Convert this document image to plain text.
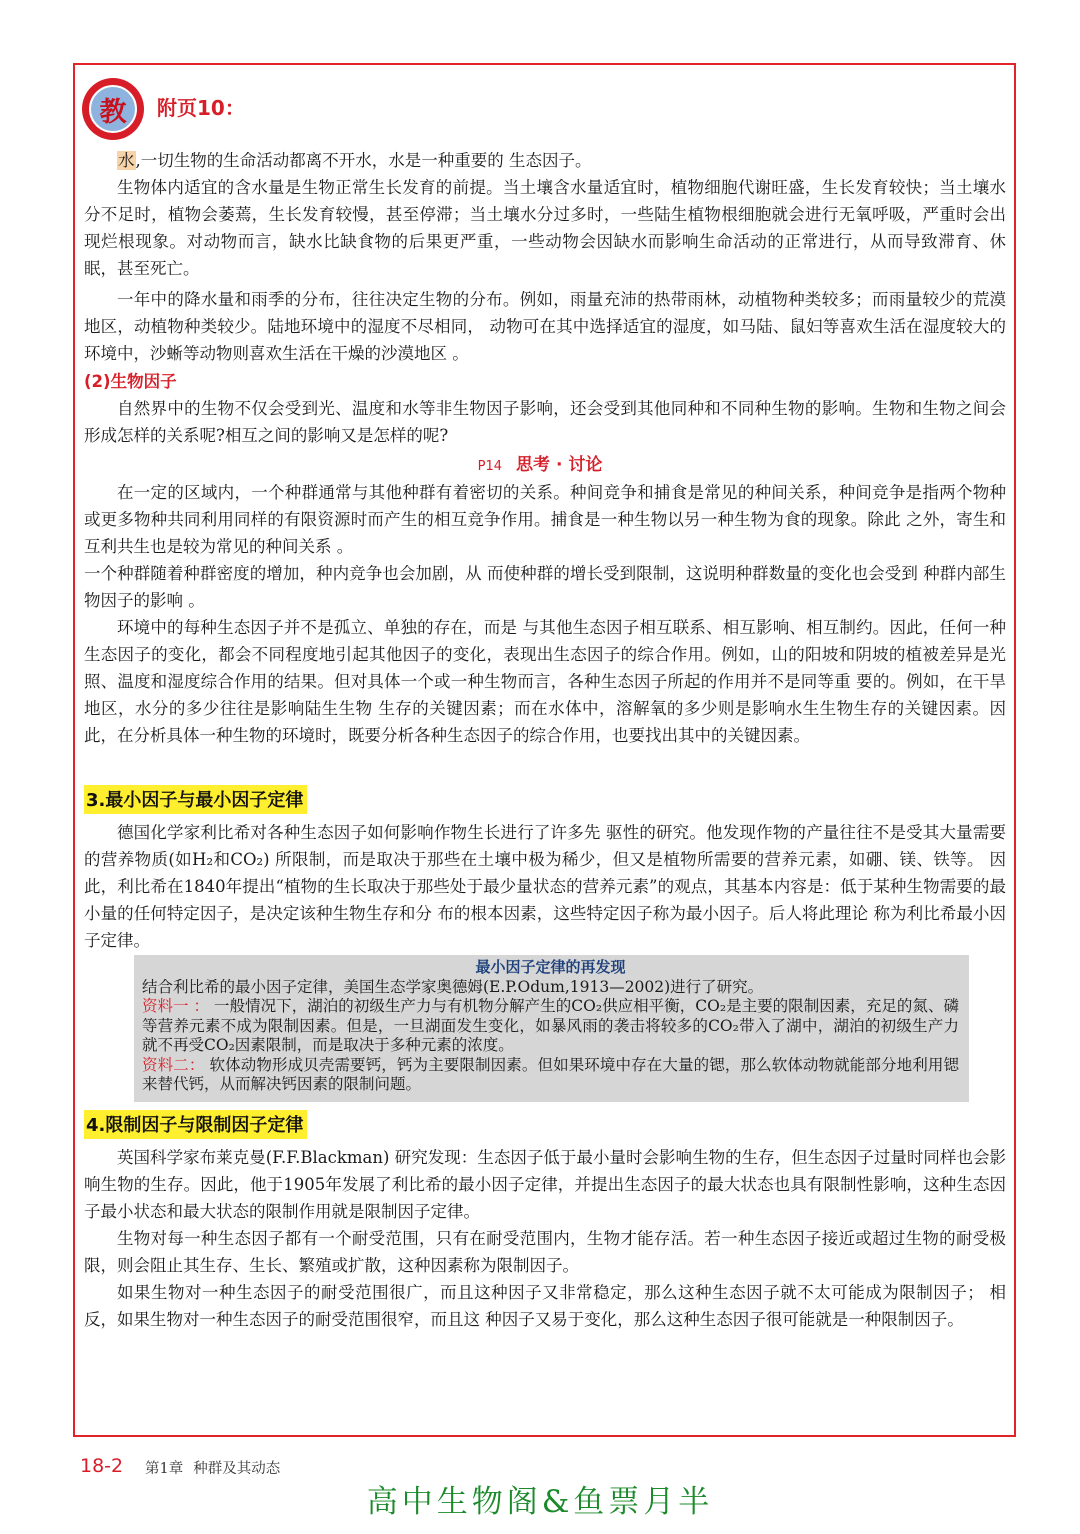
教	附页10：

水,一切生物的生命活动都离不开水，水是一种重要的 生态因子。

生物体内适宜的含水量是生物正常生长发育的前提。当土壤含水量适宜时，植物细胞代谢旺盛，生长发育较快；当土壤水分不足时，植物会萎蔫，生长发育较慢，甚至停滞；当土壤水分过多时，一些陆生植物根细胞就会进行无氧呼吸，严重时会出现烂根现象。对动物而言，缺水比缺食物的后果更严重，一些动物会因缺水而影响生命活动的正常进行，从而导致滞育、休眠，甚至死亡。

一年中的降水量和雨季的分布，往往决定生物的分布。例如，雨量充沛的热带雨林，动植物种类较多；而雨量较少的荒漠地区，动植物种类较少。陆地环境中的湿度不尽相同， 动物可在其中选择适宜的湿度，如马陆、鼠妇等喜欢生活在湿度较大的环境中，沙蜥等动物则喜欢生活在干燥的沙漠地区 。

(2)生物因子

自然界中的生物不仅会受到光、温度和水等非生物因子影响，还会受到其他同种和不同种生物的影响。生物和生物之间会形成怎样的关系呢?相互之间的影响又是怎样的呢?

P14 思考 · 讨论

在一定的区域内，一个种群通常与其他种群有着密切的关系。种间竞争和捕食是常见的种间关系，种间竞争是指两个物种或更多物种共同利用同样的有限资源时而产生的相互竞争作用。捕食是一种生物以另一种生物为食的现象。除此 之外，寄生和互利共生也是较为常见的种间关系 。

一个种群随着种群密度的增加，种内竞争也会加剧，从 而使种群的增长受到限制，这说明种群数量的变化也会受到 种群内部生物因子的影响 。

环境中的每种生态因子并不是孤立、单独的存在，而是 与其他生态因子相互联系、相互影响、相互制约。因此，任何一种生态因子的变化，都会不同程度地引起其他因子的变化，表现出生态因子的综合作用。例如，山的阳坡和阴坡的植被差异是光照、温度和湿度综合作用的结果。但对具体一个或一种生物而言，各种生态因子所起的作用并不是同等重 要的。例如，在干旱地区，水分的多少往往是影响陆生生物 生存的关键因素；而在水体中，溶解氧的多少则是影响水生生物生存的关键因素。因此，在分析具体一种生物的环境时，既要分析各种生态因子的综合作用，也要找出其中的关键因素。

3.最小因子与最小因子定律

德国化学家利比希对各种生态因子如何影响作物生长进行了许多先 驱性的研究。他发现作物的产量往往不是受其大量需要的营养物质(如H₂和CO₂) 所限制，而是取决于那些在土壤中极为稀少，但又是植物所需要的营养元素，如硼、镁、铁等。 因此，利比希在1840年提出“植物的生长取决于那些处于最少量状态的营养元素”的观点，其基本内容是：低于某种生物需要的最小量的任何特定因子，是决定该种生物生存和分 布的根本因素，这些特定因子称为最小因子。后人将此理论 称为利比希最小因子定律。

最小因子定律的再发现
结合利比希的最小因子定律，美国生态学家奥德姆(E.P.Odum,1913—2002)进行了研究。
资料一 ： 一般情况下，湖泊的初级生产力与有机物分解产生的CO₂供应相平衡，CO₂是主要的限制因素，充足的氮、磷等营养元素不成为限制因素。但是，一旦湖面发生变化，如暴风雨的袭击将较多的CO₂带入了湖中，湖泊的初级生产力就不再受CO₂因素限制，而是取决于多种元素的浓度。
资料二： 软体动物形成贝壳需要钙，钙为主要限制因素。但如果环境中存在大量的锶，那么软体动物就能部分地利用锶来替代钙，从而解决钙因素的限制问题。
4.限制因子与限制因子定律

英国科学家布莱克曼(F.F.Blackman) 研究发现：生态因子低于最小量时会影响生物的生存，但生态因子过量时同样也会影响生物的生存。因此，他于1905年发展了利比希的最小因子定律，并提出生态因子的最大状态也具有限制性影响，这种生态因子最小状态和最大状态的限制作用就是限制因子定律。

生物对每一种生态因子都有一个耐受范围，只有在耐受范围内，生物才能存活。若一种生态因子接近或超过生物的耐受极限，则会阻止其生存、生长、繁殖或扩散，这种因素称为限制因子。

如果生物对一种生态因子的耐受范围很广，而且这种因子又非常稳定，那么这种生态因子就不太可能成为限制因子； 相反，如果生物对一种生态因子的耐受范围很窄，而且这 种因子又易于变化，那么这种生态因子很可能就是一种限制因子。

18-2 第1章 种群及其动态
高中生物阁&鱼票月半
